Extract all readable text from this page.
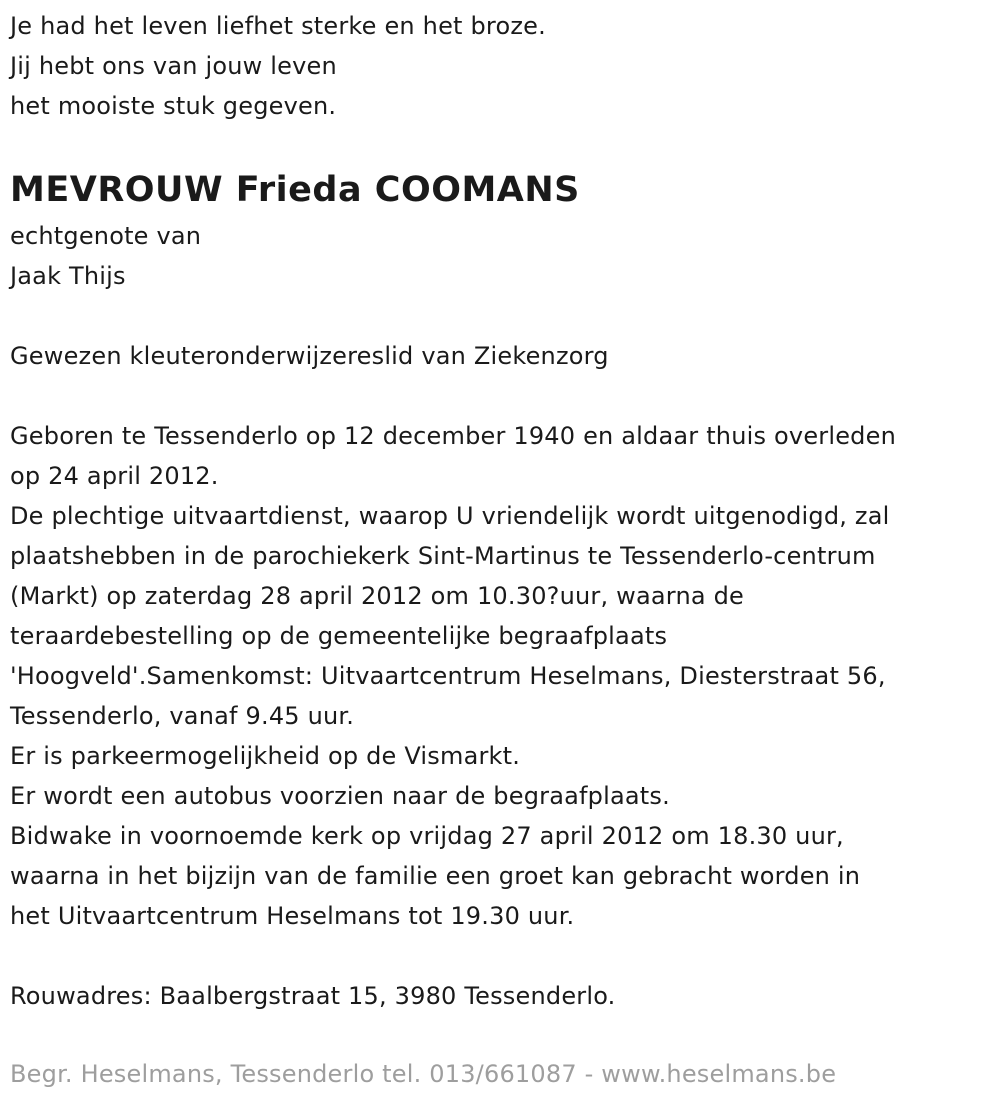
Je had het leven liefhet sterke en het broze.
Jij hebt ons van jouw leven
het mooiste stuk gegeven.
MEVROUW Frieda COOMANS
echtgenote van
Jaak Thijs
Gewezen kleuteronderwijzereslid van Ziekenzorg
Geboren te Tessenderlo op 12 december 1940 en aldaar thuis overleden
op 24 april 2012.
De plechtige uitvaartdienst, waarop U vriendelijk wordt uitgenodigd, zal
plaatshebben in de parochiekerk Sint-Martinus te Tessenderlo-centrum
(Markt) op zaterdag 28 april 2012 om 10.30?uur, waarna de
teraardebestelling op de gemeentelijke begraafplaats
'Hoogveld'.Samenkomst: Uitvaartcentrum Heselmans, Diesterstraat 56,
Tessenderlo, vanaf 9.45 uur.
Er is parkeermogelijkheid op de Vismarkt.
Er wordt een autobus voorzien naar de begraafplaats.
Bidwake in voornoemde kerk op vrijdag 27 april 2012 om 18.30 uur,
waarna in het bijzijn van de familie een groet kan gebracht worden in
het Uitvaartcentrum Heselmans tot 19.30 uur.
Rouwadres: Baalbergstraat 15, 3980 Tessenderlo.
Begr. Heselmans, Tessenderlo tel. 013/661087 - www.heselmans.be
